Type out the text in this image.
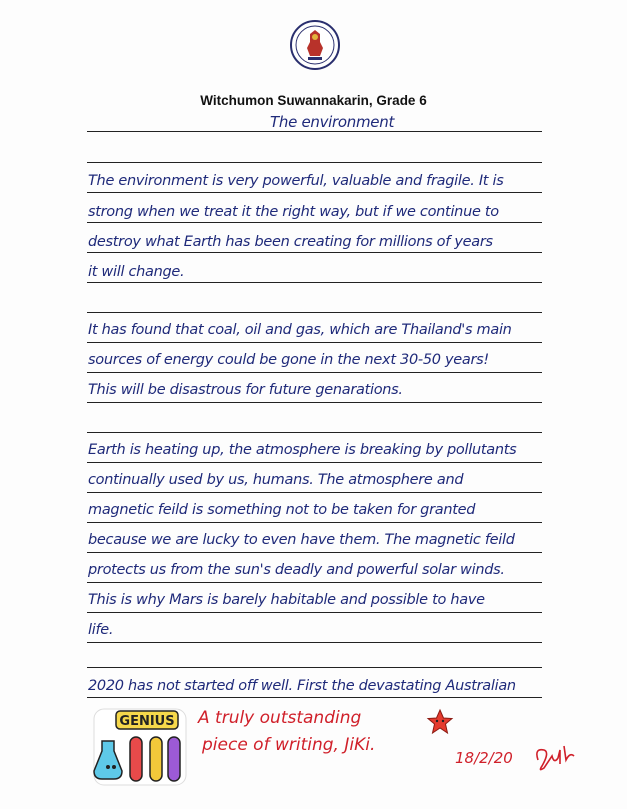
Witchumon Suwannakarin, Grade 6
The environment
The environment is very powerful, valuable and fragile. It is
strong when we treat it the right way, but if we continue to
destroy what Earth has been creating for millions of years
it will change.
It has found that coal, oil and gas, which are Thailand's main
sources of energy could be gone in the next 30-50 years!
This will be disastrous for future genarations.
Earth is heating up, the atmosphere is breaking by pollutants
continually used by us, humans. The atmosphere and
magnetic feild is something not to be taken for granted
because we are lucky to even have them. The magnetic feild
protects us from the sun's deadly and powerful solar winds.
This is why Mars is barely habitable and possible to have
life.
2020 has not started off well. First the devastating Australian
GENIUS A truly outstanding
piece of writing, JiKi.
18/2/20
